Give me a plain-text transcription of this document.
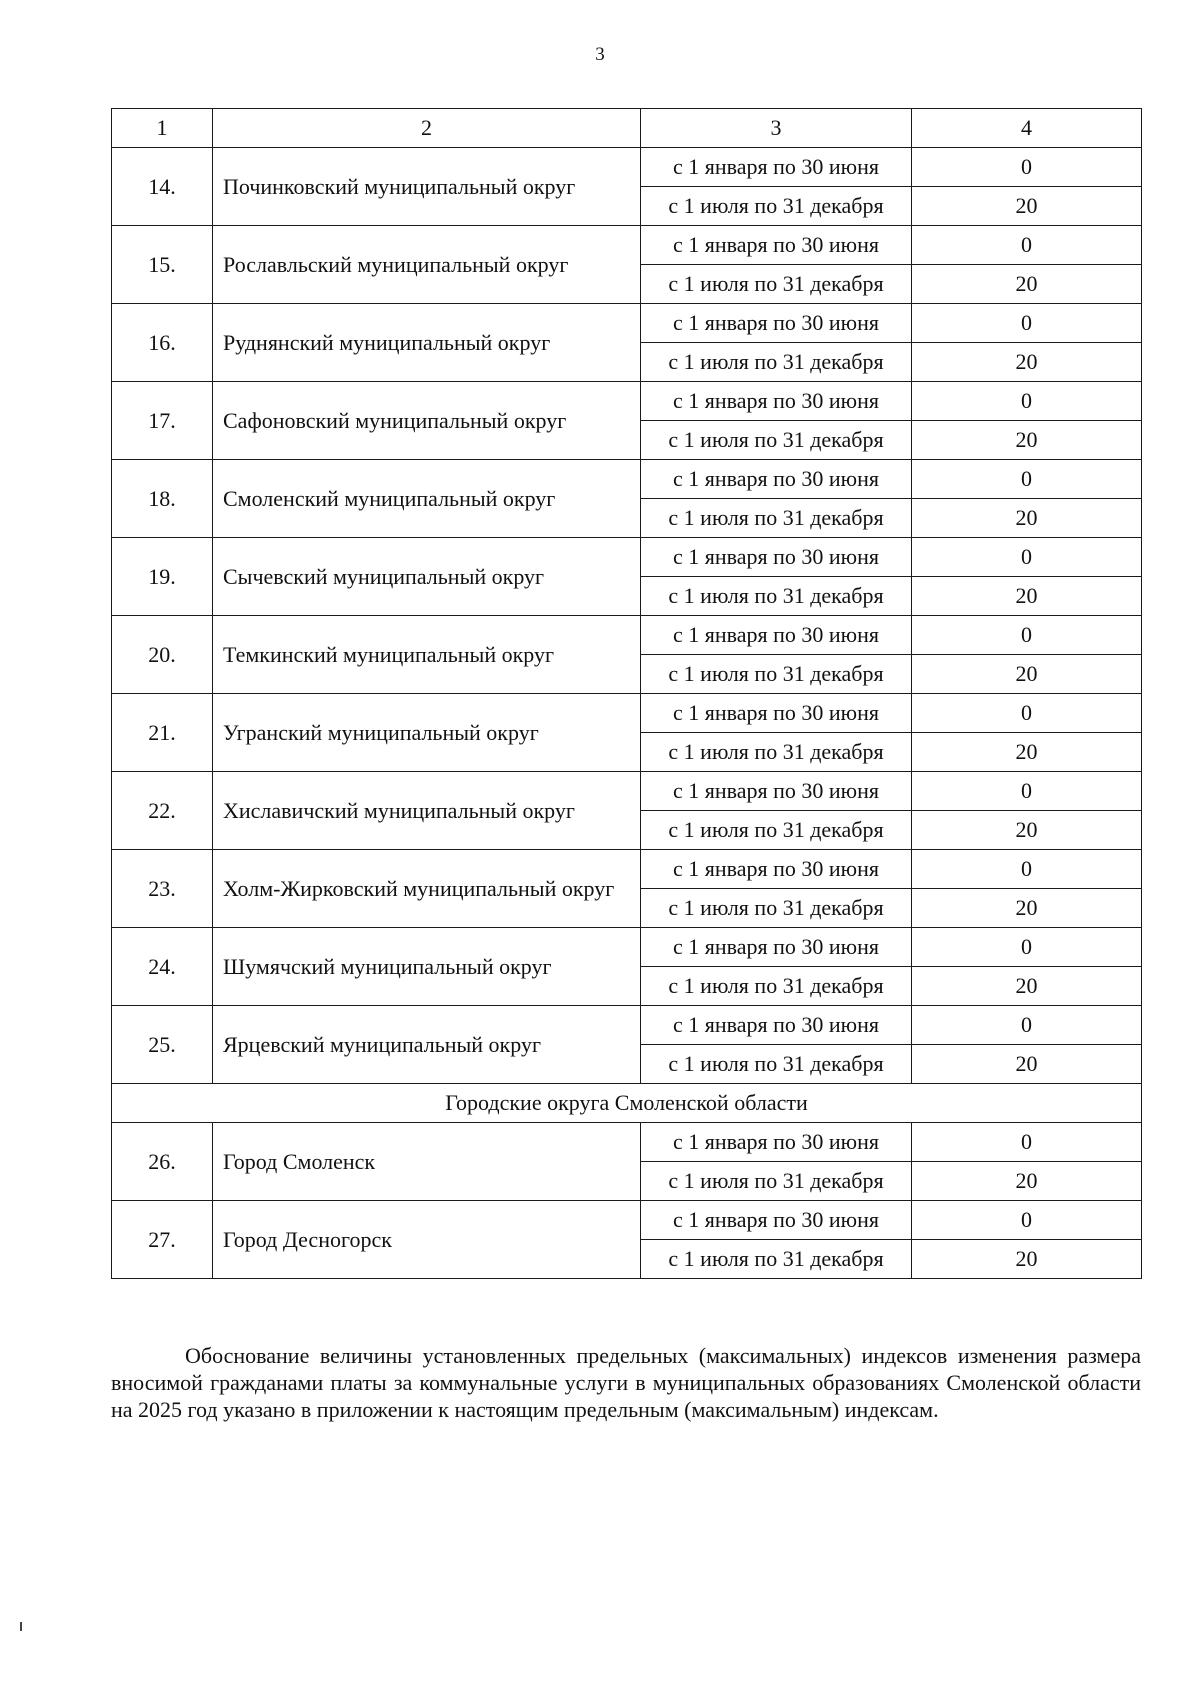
3
1	2	3	4
14.	Починковский муниципальный округ	с 1 января по 30 июня	0
		с 1 июля по 31 декабря	20
15.	Рославльский муниципальный округ	с 1 января по 30 июня	0
		с 1 июля по 31 декабря	20
16.	Руднянский муниципальный округ	с 1 января по 30 июня	0
		с 1 июля по 31 декабря	20
17.	Сафоновский муниципальный округ	с 1 января по 30 июня	0
		с 1 июля по 31 декабря	20
18.	Смоленский муниципальный округ	с 1 января по 30 июня	0
		с 1 июля по 31 декабря	20
19.	Сычевский муниципальный округ	с 1 января по 30 июня	0
		с 1 июля по 31 декабря	20
20.	Темкинский муниципальный округ	с 1 января по 30 июня	0
		с 1 июля по 31 декабря	20
21.	Угранский муниципальный округ	с 1 января по 30 июня	0
		с 1 июля по 31 декабря	20
22.	Хиславичский муниципальный округ	с 1 января по 30 июня	0
		с 1 июля по 31 декабря	20
23.	Холм-Жирковский муниципальный округ	с 1 января по 30 июня	0
		с 1 июля по 31 декабря	20
24.	Шумячский муниципальный округ	с 1 января по 30 июня	0
		с 1 июля по 31 декабря	20
25.	Ярцевский муниципальный округ	с 1 января по 30 июня	0
		с 1 июля по 31 декабря	20
Городские округа Смоленской области			
26.	Город Смоленск	с 1 января по 30 июня	0
		с 1 июля по 31 декабря	20
27.	Город Десногорск	с 1 января по 30 июня	0
		с 1 июля по 31 декабря	20
Обоснование величины установленных предельных (максимальных) индексов изменения размера вносимой гражданами платы за коммунальные услуги в муниципальных образованиях Смоленской области на 2025 год указано в приложении к настоящим предельным (максимальным) индексам.
